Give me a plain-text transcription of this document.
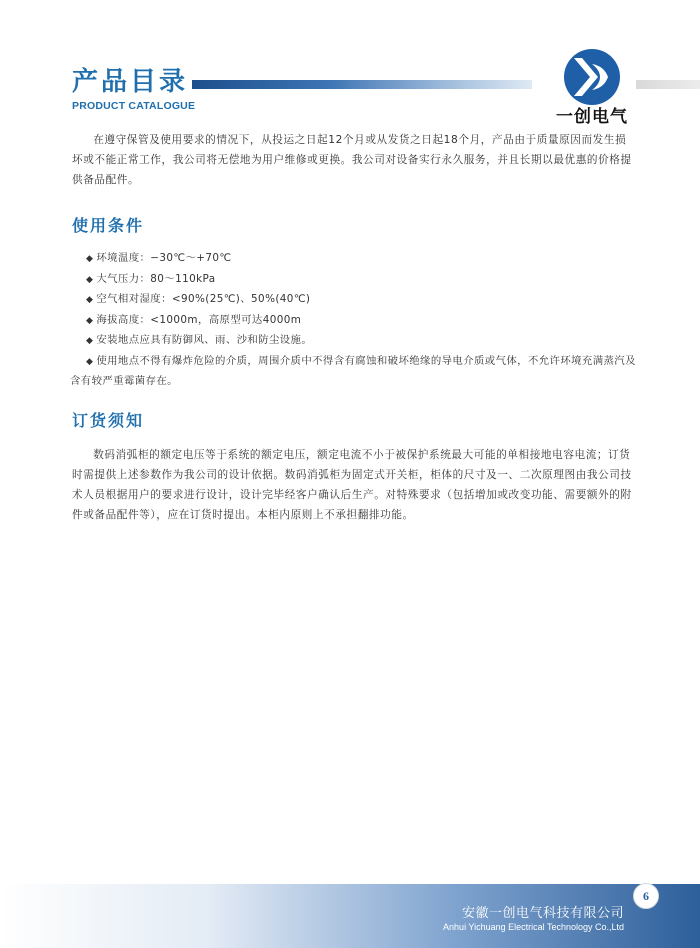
产品目录
PRODUCT CATALOGUE
一创电气

在遵守保管及使用要求的情况下，从投运之日起12个月或从发货之日起18个月，产品由于质量原因而发生损坏或不能正常工作，我公司将无偿地为用户维修或更换。我公司对设备实行永久服务，并且长期以最优惠的价格提供备品配件。

使用条件
◆ 环境温度：−30℃～+70℃
◆ 大气压力：80～110kPa
◆ 空气相对湿度：<90%(25℃)、50%(40℃)
◆ 海拔高度：<1000m，高原型可达4000m
◆ 安装地点应具有防御风、雨、沙和防尘设施。
◆ 使用地点不得有爆炸危险的介质，周围介质中不得含有腐蚀和破坏绝缘的导电介质或气体，不允许环境充满蒸汽及含有较严重霉菌存在。
订货须知

数码消弧柜的额定电压等于系统的额定电压，额定电流不小于被保护系统最大可能的单相接地电容电流；订货时需提供上述参数作为我公司的设计依据。数码消弧柜为固定式开关柜，柜体的尺寸及一、二次原理图由我公司技术人员根据用户的要求进行设计，设计完毕经客户确认后生产。对特殊要求（包括增加或改变功能、需要额外的附件或备品配件等），应在订货时提出。本柜内原则上不承担翻排功能。

安徽一创电气科技有限公司
Anhui Yichuang Electrical Technology Co.,Ltd
6
